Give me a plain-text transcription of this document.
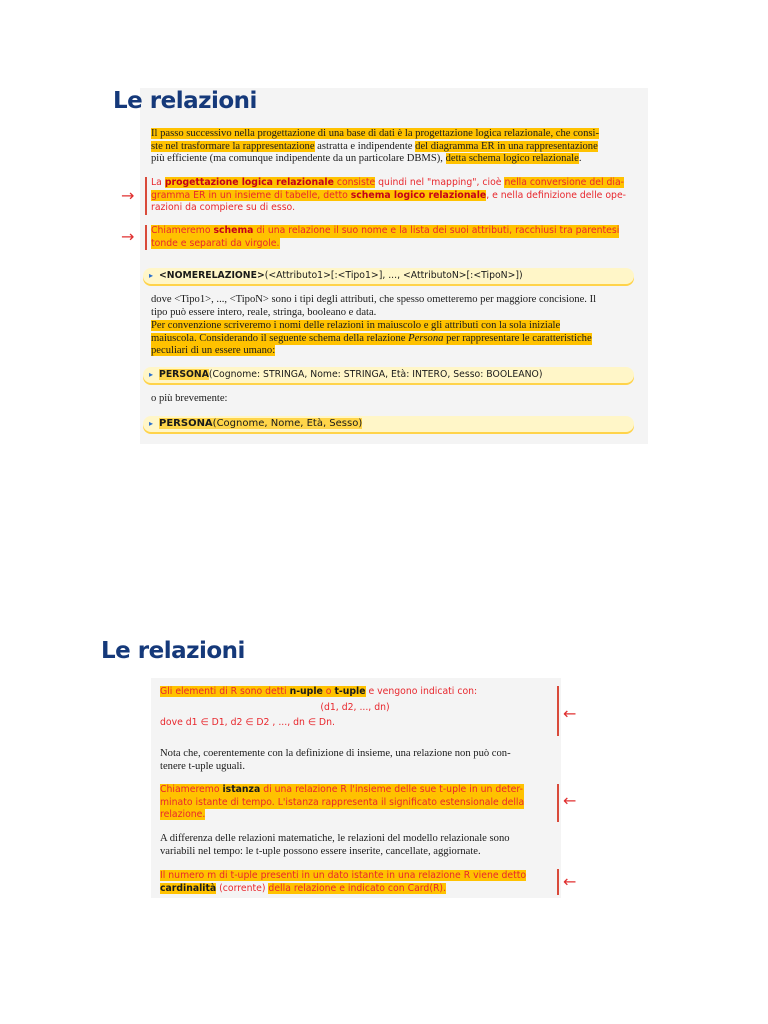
Le relazioni
Il passo successivo nella progettazione di una base di dati è la progettazione logica relazionale, che consi-
ste nel trasformare la rappresentazione astratta e indipendente del diagramma ER in una rappresentazione
più efficiente (ma comunque indipendente da un particolare DBMS), detta schema logico relazionale.
→
La progettazione logica relazionale consiste quindi nel "mapping", cioè nella conversione del dia-
gramma ER in un insieme di tabelle, detto schema logico relazionale, e nella definizione delle ope-
razioni da compiere su di esso.
→ Chiameremo schema di una relazione il suo nome e la lista dei suoi attributi, racchiusi tra parentesi
tonde e separati da virgole.
▸ <NOMERELAZIONE>(<Attributo1>[:<Tipo1>], ..., <AttributoN>[:<TipoN>])
dove <Tipo1>, ..., <TipoN> sono i tipi degli attributi, che spesso ometteremo per maggiore concisione. Il
tipo può essere intero, reale, stringa, booleano e data.
Per convenzione scriveremo i nomi delle relazioni in maiuscolo e gli attributi con la sola iniziale
maiuscola. Considerando il seguente schema della relazione Persona per rappresentare le caratteristiche
peculiari di un essere umano:
▸ PERSONA(Cognome: STRINGA, Nome: STRINGA, Età: INTERO, Sesso: BOOLEANO)
o più brevemente:
▸ PERSONA(Cognome, Nome, Età, Sesso)
Le relazioni
←
Gli elementi di R sono detti n-uple o t-uple e vengono indicati con:
(d1, d2, ..., dn)
dove d1 ∈ D1, d2 ∈ D2 , ..., dn ∈ Dn.
Nota che, coerentemente con la definizione di insieme, una relazione non può con-
tenere t-uple uguali.
←
Chiameremo istanza di una relazione R l'insieme delle sue t-uple in un deter-
minato istante di tempo. L'istanza rappresenta il significato estensionale della
relazione.
A differenza delle relazioni matematiche, le relazioni del modello relazionale sono
variabili nel tempo: le t-uple possono essere inserite, cancellate, aggiornate.
←
Il numero m di t-uple presenti in un dato istante in una relazione R viene detto
cardinalità (corrente) della relazione e indicato con Card(R).
